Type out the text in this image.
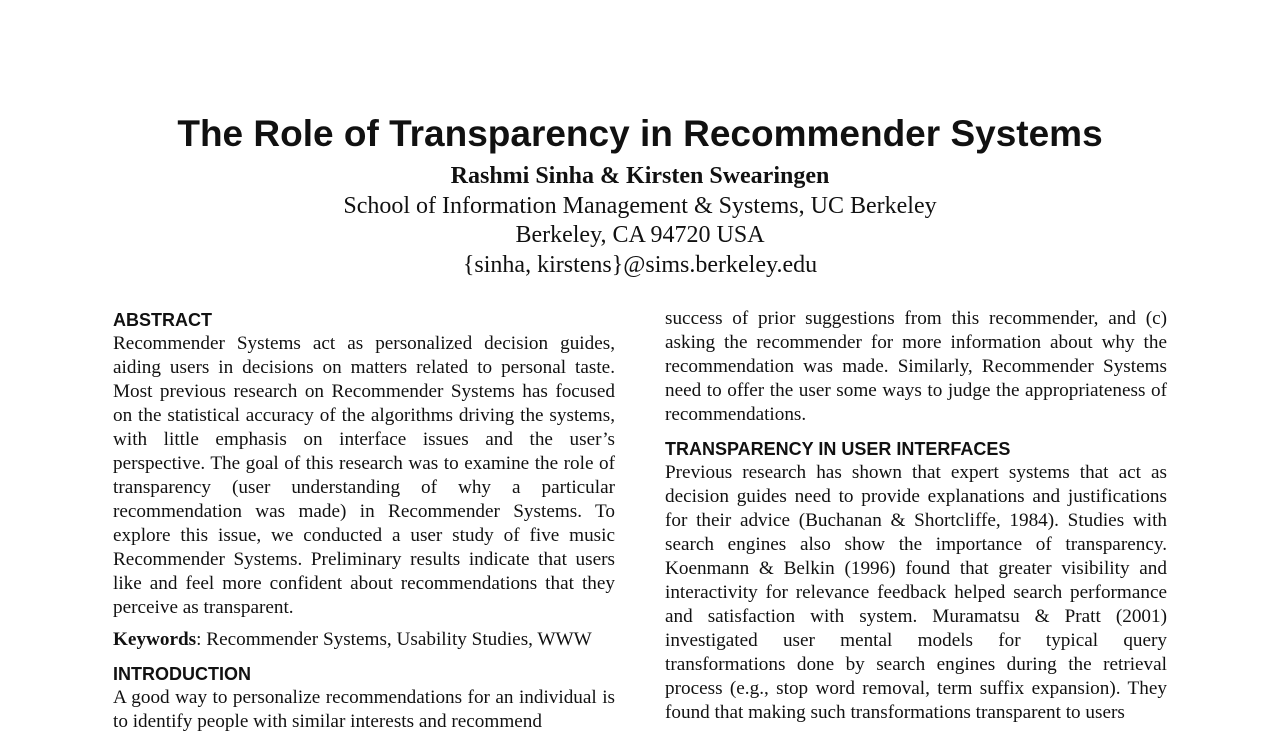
The Role of Transparency in Recommender Systems
Rashmi Sinha & Kirsten Swearingen
School of Information Management & Systems, UC Berkeley
Berkeley, CA 94720 USA
{sinha, kirstens}@sims.berkeley.edu
ABSTRACT

Recommender Systems act as personalized decision guides, aiding users in decisions on matters related to personal taste. Most previous research on Recommender Systems has focused on the statistical accuracy of the algorithms driving the systems, with little emphasis on interface issues and the user’s perspective. The goal of this research was to examine the role of transparency (user understanding of why a particular recommendation was made) in Recommender Systems. To explore this issue, we conducted a user study of five music Recommender Systems. Preliminary results indicate that users like and feel more confident about recommendations that they perceive as transparent.

Keywords: Recommender Systems, Usability Studies, WWW

INTRODUCTION

A good way to personalize recommendations for an individual is to identify people with similar interests and recommend

success of prior suggestions from this recommender, and (c) asking the recommender for more information about why the recommendation was made. Similarly, Recommender Systems need to offer the user some ways to judge the appropriateness of recommendations.

TRANSPARENCY IN USER INTERFACES

Previous research has shown that expert systems that act as decision guides need to provide explanations and justifications for their advice (Buchanan & Shortcliffe, 1984). Studies with search engines also show the importance of transparency. Koenmann & Belkin (1996) found that greater visibility and interactivity for relevance feedback helped search performance and satisfaction with system. Muramatsu & Pratt (2001) investigated user mental models for typical query transformations done by search engines during the retrieval process (e.g., stop word removal, term suffix expansion). They found that making such transformations transparent to users
